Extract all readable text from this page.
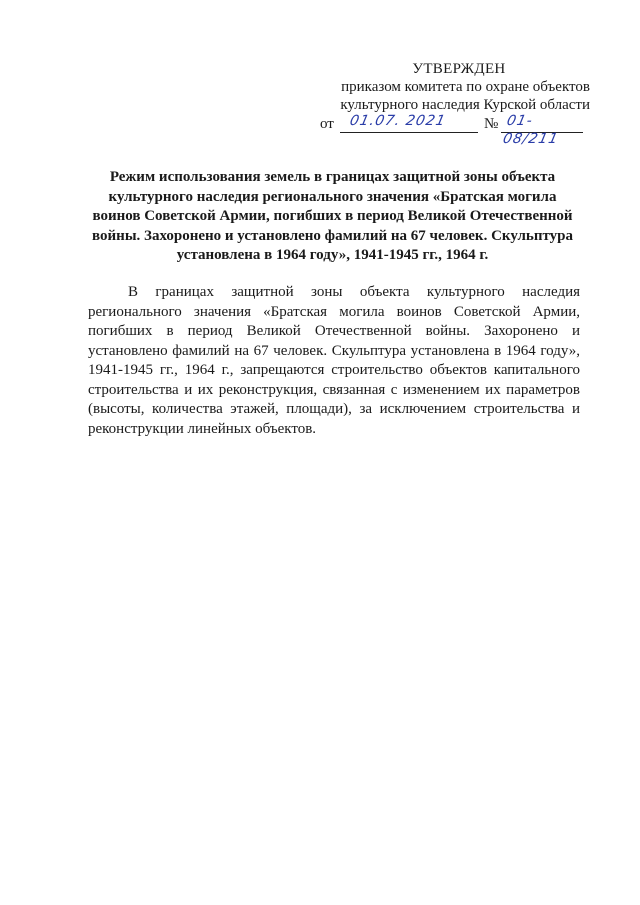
УТВЕРЖДЕН
приказом комитета по охране объектов
культурного наследия Курской области
от 01.07. 2021 № 01-08/211
Режим использования земель в границах защитной зоны объекта культурного наследия регионального значения «Братская могила воинов Советской Армии, погибших в период Великой Отечественной войны. Захоронено и установлено фамилий на 67 человек. Скульптура установлена в 1964 году», 1941-1945 гг., 1964 г.

В границах защитной зоны объекта культурного наследия регионального значения «Братская могила воинов Советской Армии, погибших в период Великой Отечественной войны. Захоронено и установлено фамилий на 67 человек. Скульптура установлена в 1964 году», 1941-1945 гг., 1964 г., запрещаются строительство объектов капитального строительства и их реконструкция, связанная с изменением их параметров (высоты, количества этажей, площади), за исключением строительства и реконструкции линейных объектов.
